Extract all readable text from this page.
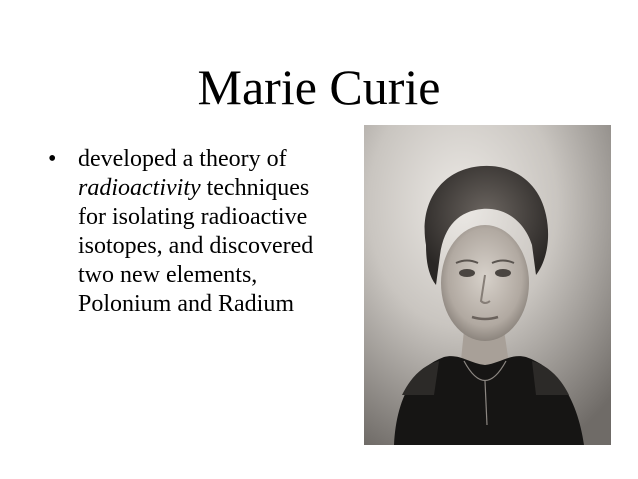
Marie Curie
• developed a theory of
radioactivity techniques
for isolating radioactive
isotopes, and discovered
two new elements,
Polonium and Radium
